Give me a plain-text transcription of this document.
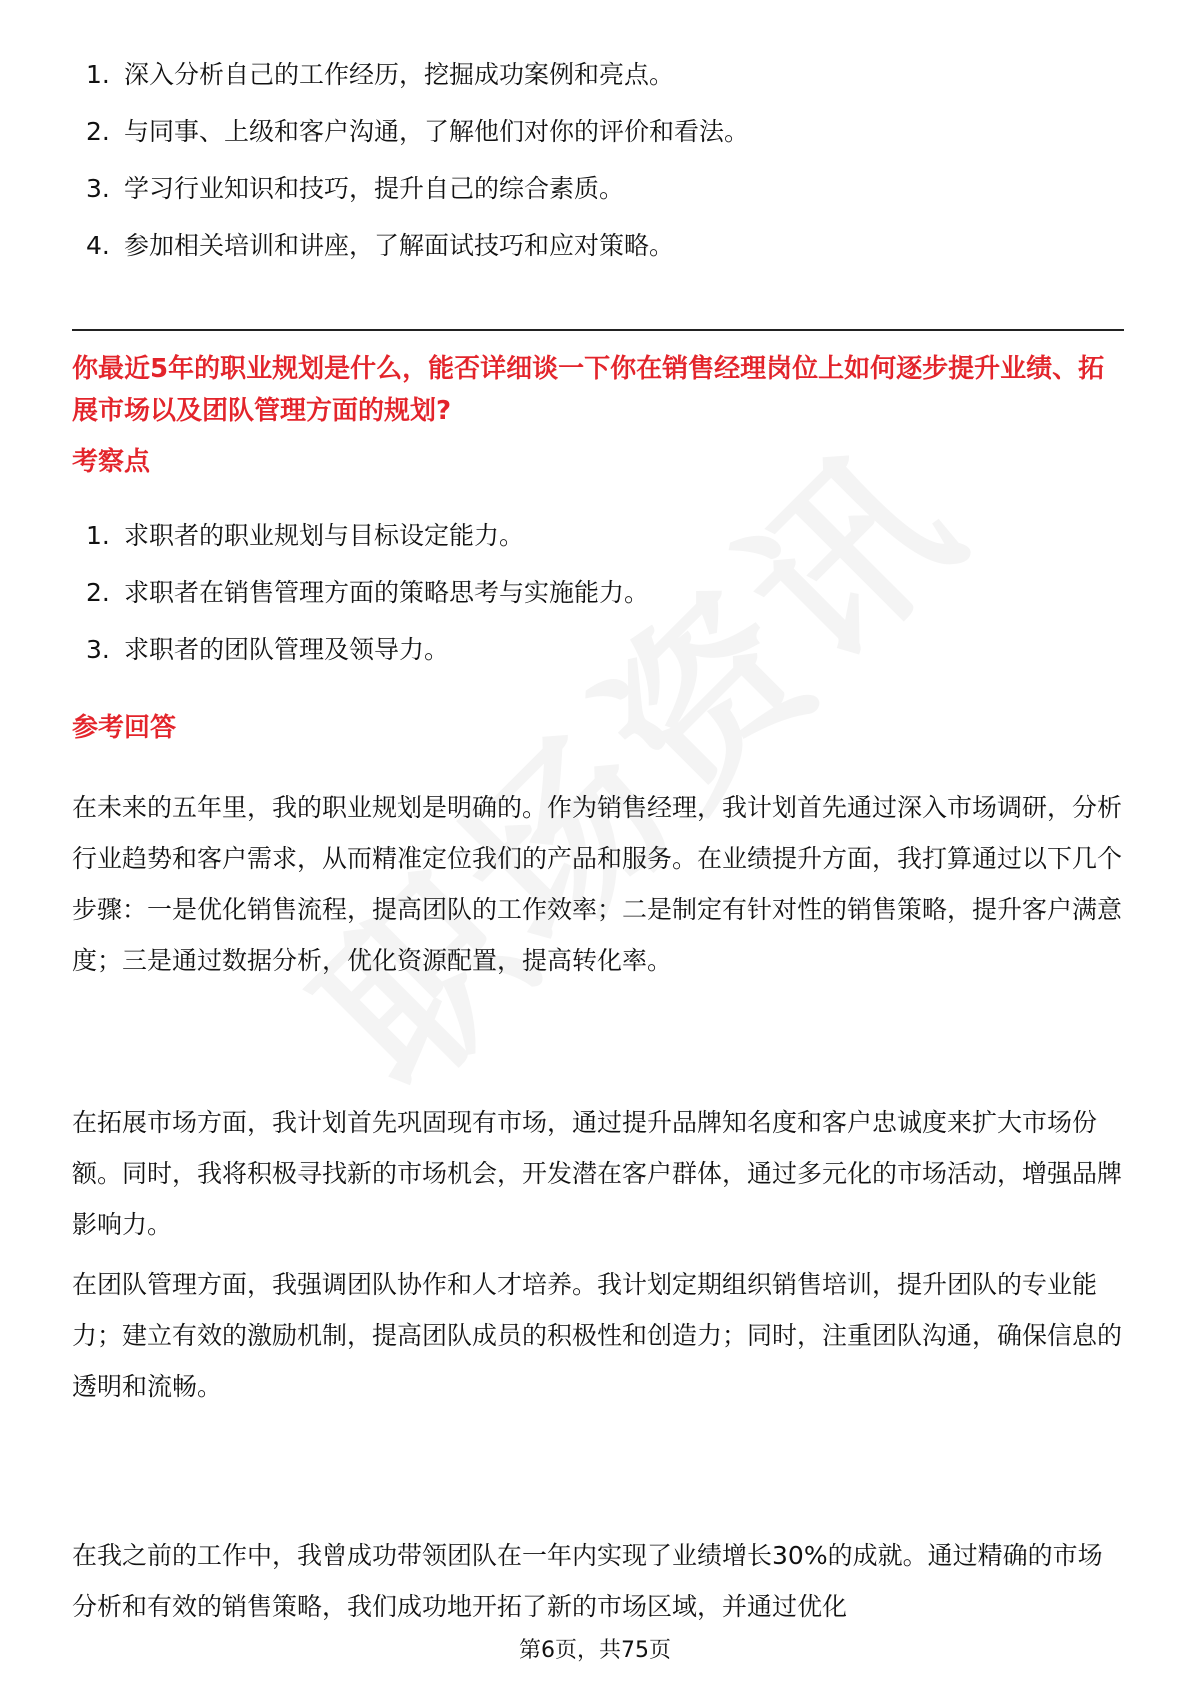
1. 深入分析自己的工作经历，挖掘成功案例和亮点。
2. 与同事、上级和客户沟通，了解他们对你的评价和看法。
3. 学习行业知识和技巧，提升自己的综合素质。
4. 参加相关培训和讲座，了解面试技巧和应对策略。
你最近5年的职业规划是什么，能否详细谈一下你在销售经理岗位上如何逐步提升业绩、拓展市场以及团队管理方面的规划?
考察点
1. 求职者的职业规划与目标设定能力。
2. 求职者在销售管理方面的策略思考与实施能力。
3. 求职者的团队管理及领导力。
参考回答

在未来的五年里，我的职业规划是明确的。作为销售经理，我计划首先通过深入市场调研，分析行业趋势和客户需求，从而精准定位我们的产品和服务。在业绩提升方面，我打算通过以下几个步骤：一是优化销售流程，提高团队的工作效率；二是制定有针对性的销售策略，提升客户满意度；三是通过数据分析，优化资源配置，提高转化率。

在拓展市场方面，我计划首先巩固现有市场，通过提升品牌知名度和客户忠诚度来扩大市场份额。同时，我将积极寻找新的市场机会，开发潜在客户群体，通过多元化的市场活动，增强品牌影响力。

在团队管理方面，我强调团队协作和人才培养。我计划定期组织销售培训，提升团队的专业能力；建立有效的激励机制，提高团队成员的积极性和创造力；同时，注重团队沟通，确保信息的透明和流畅。

在我之前的工作中，我曾成功带领团队在一年内实现了业绩增长30%的成就。通过精确的市场分析和有效的销售策略，我们成功地开拓了新的市场区域，并通过优化

第6页，共75页
